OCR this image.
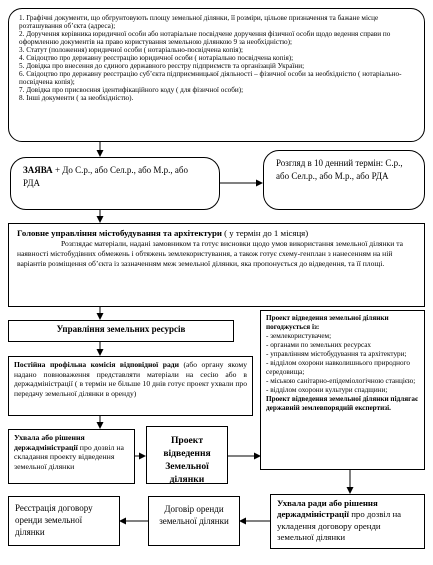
1. Графічні документи, що обгрунтовують площу земельної ділянки, її розміри, цільове призначення та бажане місце розташування об’єкта (адреса);
2. Доручення керівника юридичної особи або нотаріальне посвідчене доручення фізичної особи щодо ведення справи по оформленню документів на право користування земельною ділянкою 9 за необхідністю);
3. Статут (положення) юридичної особи ( нотаріально-посвідчена копія);
4. Свідоцтво про державну реєстрацію юридичної особи ( нотаріально посвідчена копія);
5. Довідка про внесення до єдиного державного реєстру підприємств та організацій України;
6. Свідоцтво про державну реєстрацію суб’єкта підприємницької діяльності – фізичної особи за необхідністю ( нотаріально-посвідчена копія);
7. Довідка про присвоєння ідентифікаційного коду ( для фізичної особи);
8. Інші документи ( за необхідністю).
ЗАЯВА + До С.р., або Сел.р., або М.р., або РДА
Розгляд в 10 денний термін: С.р., або Сел.р., або М.р., або РДА
Головне управління містобудування та архітектури ( у термін до 1 місяця)
Розглядає матеріали, надані замовником та готує висновки щодо умов використання земельної ділянки та наявності містобудівних обмежень і обтяжень землекористування, а також готує схему-генплан з нанесенням на ній варіантів розміщення об’єкта із зазначенням меж земельної ділянки, яка пропонується до відведення, та її площі.
Управління земельних ресурсів
Постійна профільна комісія відповідної ради (або органу якому надано повноваження представляти матеріали на сесію або в держадміністрації ( в термін не більше 10 днів готує проект ухвали про передачу земельної ділянки в оренду)
Проект відведення земельної ділянки погоджується із:
- землекористувачем;
- органами по земельних ресурсах
- управлінням містобудування та архітектури;
- відділом охорони навколишнього природного середовища;
- міською санітарно-епідеміологічною станцією;
- відділом охорони культури спадщини;
Проект відведення земельної ділянки підлягає державній землевпорядній експертизі.
Ухвала або рішення держадміністрації про дозвіл на складання проекту відведення земельної ділянки
Проект відведення Земельної ділянки
Ухвала ради або рішення держадміністрації про дозвіл на укладення договору оренди земельної ділянки
Договір оренди земельної ділянки
Реєстрація договору оренди земельної ділянки
